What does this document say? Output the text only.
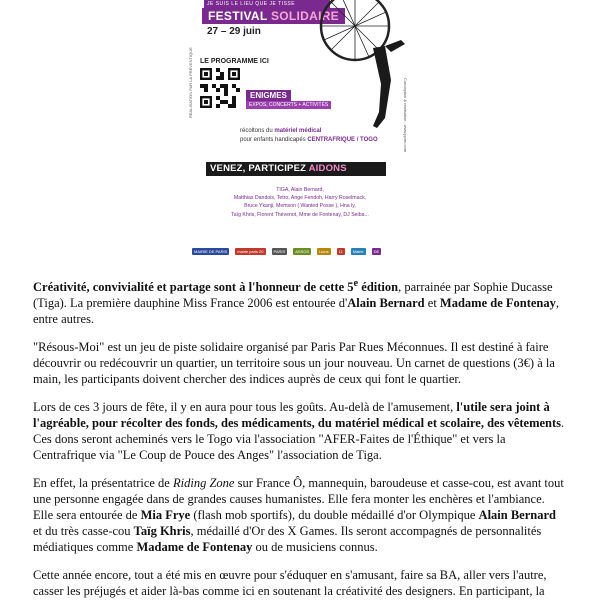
JE SUIS LE LIEU QUE JE TISSE
FESTIVAL SOLIDAIRE
27 – 29 juin
LE PROGRAMME ICI
ENIGMES
EXPOS, CONCERTS + ACTIVITÉS
récoltons du matériel médical
pour enfants handicapés CENTRAFRIQUE / TOGO
VENEZ, PARTICIPEZ AIDONS
TIGA, Alain Bernard,
Matthias Dandois, Tetro, Ange Fendoh, Harry Roselmack,
Bruce Ykanji, Memson ( Wanted Posse ), Hna ly,
Taïg Khris, Florent Thévenot, Mme de Fontenay, DJ Seiba...
RÉALISATION PAR LA PREVENTIQUE	Conception & réalisation : www.pprm.com
MAIRIE DE PARIS	mairie paris 20	PARIS	ASSOS	Lions	11	Mairie	DE

Créativité, convivialité et partage sont à l'honneur de cette 5e édition, parrainée par Sophie Ducasse (Tiga). La première dauphine Miss France 2006 est entourée d'Alain Bernard et Madame de Fontenay, entre autres.

"Résous-Moi" est un jeu de piste solidaire organisé par Paris Par Rues Méconnues. Il est destiné à faire découvrir ou redécouvrir un quartier, un territoire sous un jour nouveau. Un carnet de questions (3€) à la main, les participants doivent chercher des indices auprès de ceux qui font le quartier.

Lors de ces 3 jours de fête, il y en aura pour tous les goûts. Au-delà de l'amusement, l'utile sera joint à l'agréable, pour récolter des fonds, des médicaments, du matériel médical et scolaire, des vêtements. Ces dons seront acheminés vers le Togo via l'association "AFER-Faites de l'Éthique" et vers la Centrafrique via "Le Coup de Pouce des Anges" l'association de Tiga.

En effet, la présentatrice de Riding Zone sur France Ô, mannequin, baroudeuse et casse-cou, est avant tout une personne engagée dans de grandes causes humanistes. Elle fera monter les enchères et l'ambiance. Elle sera entourée de Mia Frye (flash mob sportifs), du double médaillé d'or Olympique Alain Bernard et du très casse-cou Taïg Khris, médaillé d'Or des X Games. Ils seront accompagnés de personnalités médiatiques comme Madame de Fontenay ou de musiciens connus.

Cette année encore, tout a été mis en œuvre pour s'éduquer en s'amusant, faire sa BA, aller vers l'autre, casser les préjugés et aider là-bas comme ici en soutenant la créativité des designers. En participant, la
